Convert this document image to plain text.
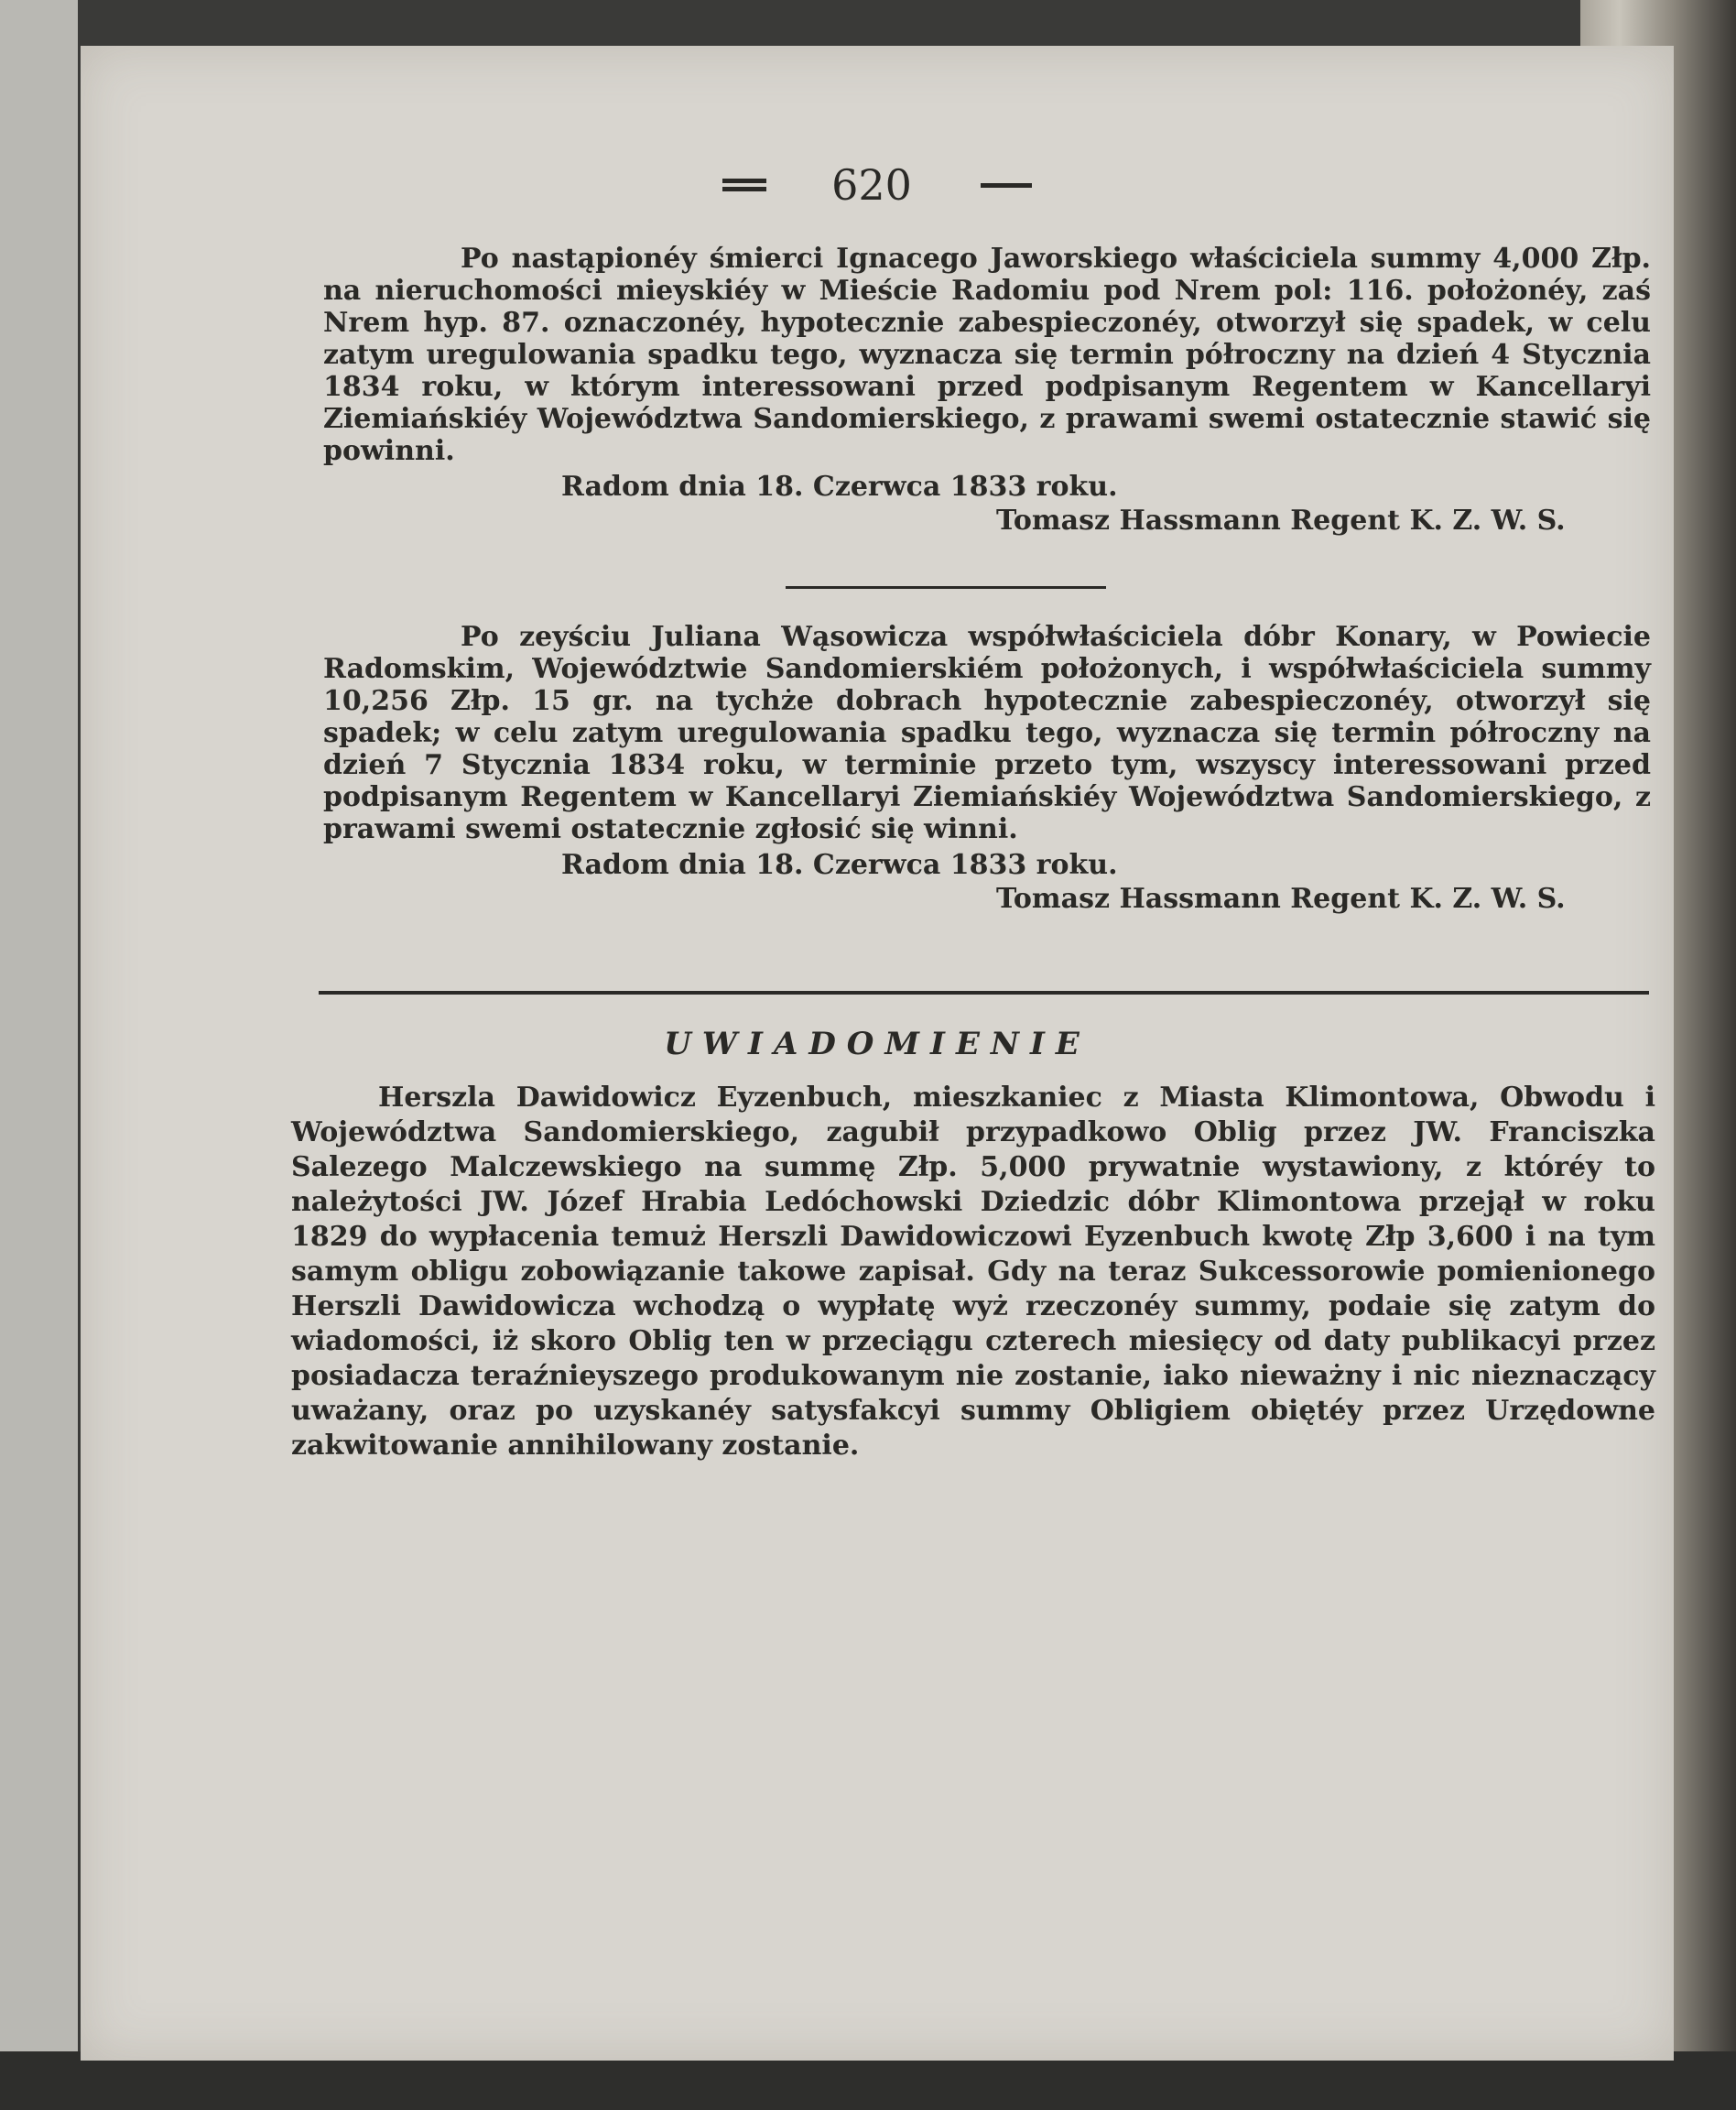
620

Po nastąpionéy śmierci Ignacego Jaworskiego właściciela summy 4,000 Złp. na nieruchomości mieyskiéy w Mieście Radomiu pod Nrem pol: 116. położonéy, zaś Nrem hyp. 87. oznaczonéy, hypotecznie zabespieczonéy, otworzył się spadek, w celu zatym uregulowania spadku tego, wyznacza się termin półroczny na dzień 4 Stycznia 1834 roku, w którym interessowani przed podpisanym Regentem w Kancellaryi Ziemiańskiéy Województwa Sandomierskiego, z prawami swemi ostatecznie stawić się powinni.

Radom dnia 18. Czerwca 1833 roku.

Tomasz Hassmann Regent K. Z. W. S.

Po zeyściu Juliana Wąsowicza współwłaściciela dóbr Konary, w Powiecie Radomskim, Województwie Sandomierskiém położonych, i współwłaściciela summy 10,256 Złp. 15 gr. na tychże dobrach hypotecznie zabespieczonéy, otworzył się spadek; w celu zatym uregulowania spadku tego, wyznacza się termin półroczny na dzień 7 Stycznia 1834 roku, w terminie przeto tym, wszyscy interessowani przed podpisanym Regentem w Kancellaryi Ziemiańskiéy Województwa Sandomierskiego, z prawami swemi ostatecznie zgłosić się winni.

Radom dnia 18. Czerwca 1833 roku.

Tomasz Hassmann Regent K. Z. W. S.

UWIADOMIENIE

Herszla Dawidowicz Eyzenbuch, mieszkaniec z Miasta Klimontowa, Obwodu i Województwa Sandomierskiego, zagubił przypadkowo Oblig przez JW. Franciszka Salezego Malczewskiego na summę Złp. 5,000 prywatnie wystawiony, z któréy to należytości JW. Józef Hrabia Ledóchowski Dziedzic dóbr Klimontowa przejął w roku 1829 do wypłacenia temuż Herszli Dawidowiczowi Eyzenbuch kwotę Złp 3,600 i na tym samym obligu zobowiązanie takowe zapisał. Gdy na teraz Sukcessorowie pomienionego Herszli Dawidowicza wchodzą o wypłatę wyż rzeczonéy summy, podaie się zatym do wiadomości, iż skoro Oblig ten w przeciągu czterech miesięcy od daty publikacyi przez posiadacza teraźnieyszego produkowanym nie zostanie, iako nieważny i nic nieznaczący uważany, oraz po uzyskanéy satysfakcyi summy Obligiem obiętéy przez Urzędowne zakwitowanie annihilowany zostanie.
